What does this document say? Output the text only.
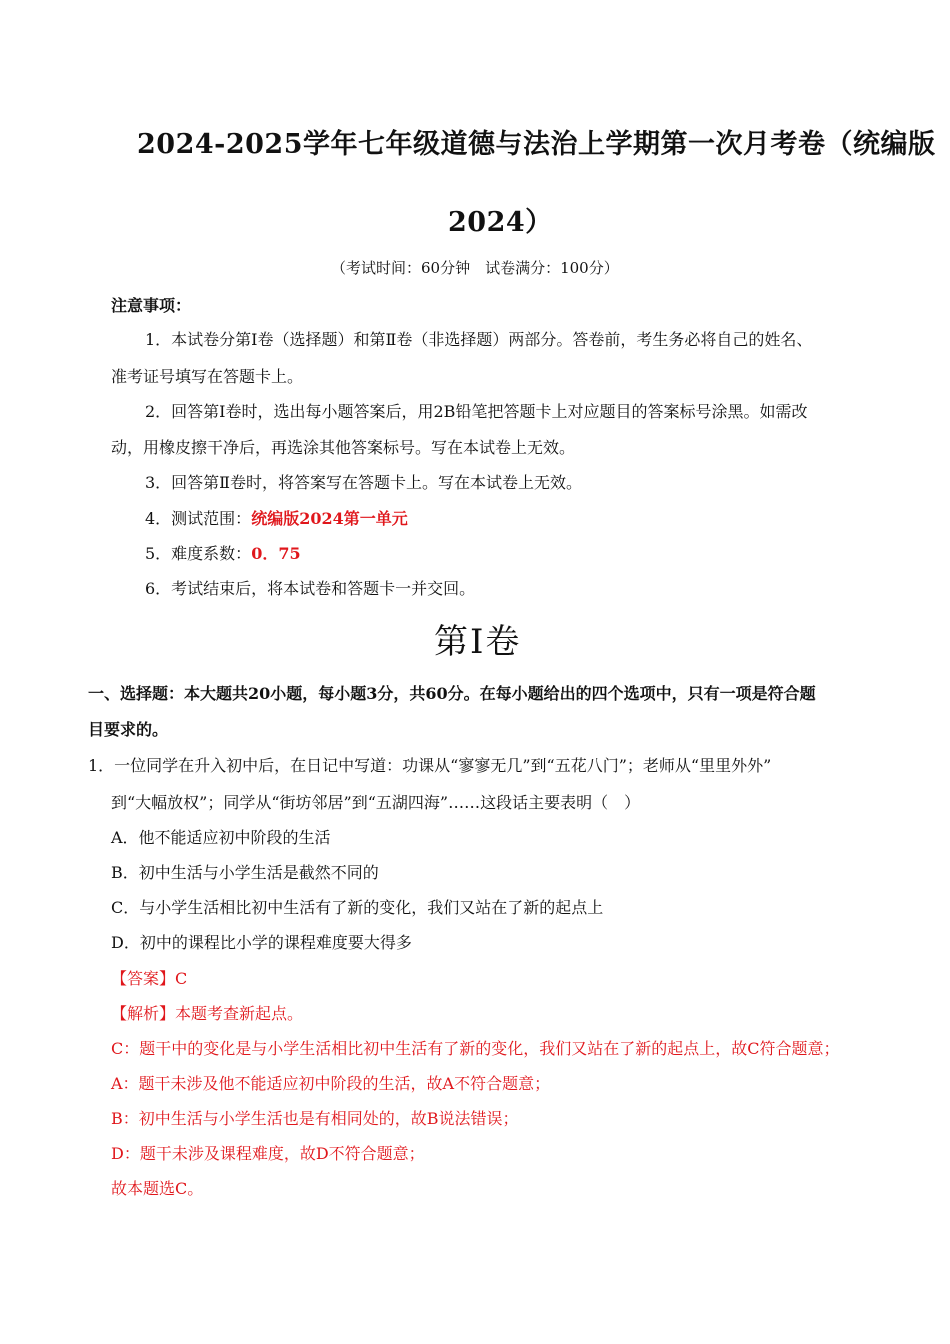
2024-2025学年七年级道德与法治上学期第一次月考卷（统编版
2024）
（考试时间：60分钟　试卷满分：100分）
注意事项：
1．本试卷分第Ⅰ卷（选择题）和第Ⅱ卷（非选择题）两部分。答卷前，考生务必将自己的姓名、
准考证号填写在答题卡上。
2．回答第Ⅰ卷时，选出每小题答案后，用2B铅笔把答题卡上对应题目的答案标号涂黑。如需改
动，用橡皮擦干净后，再选涂其他答案标号。写在本试卷上无效。
3．回答第Ⅱ卷时，将答案写在答题卡上。写在本试卷上无效。
4．测试范围：统编版2024第一单元
5．难度系数：0．75
6．考试结束后，将本试卷和答题卡一并交回。
第Ⅰ卷
一、选择题：本大题共20小题，每小题3分，共60分。在每小题给出的四个选项中，只有一项是符合题
目要求的。
1．一位同学在升入初中后，在日记中写道：功课从“寥寥无几”到“五花八门”；老师从“里里外外”
到“大幅放权”；同学从“街坊邻居”到“五湖四海”……这段话主要表明（　）
A．他不能适应初中阶段的生活
B．初中生活与小学生活是截然不同的
C．与小学生活相比初中生活有了新的变化，我们又站在了新的起点上
D．初中的课程比小学的课程难度要大得多
【答案】C
【解析】本题考查新起点。
C：题干中的变化是与小学生活相比初中生活有了新的变化，我们又站在了新的起点上，故C符合题意；
A：题干未涉及他不能适应初中阶段的生活，故A不符合题意；
B：初中生活与小学生活也是有相同处的，故B说法错误；
D：题干未涉及课程难度，故D不符合题意；
故本题选C。
